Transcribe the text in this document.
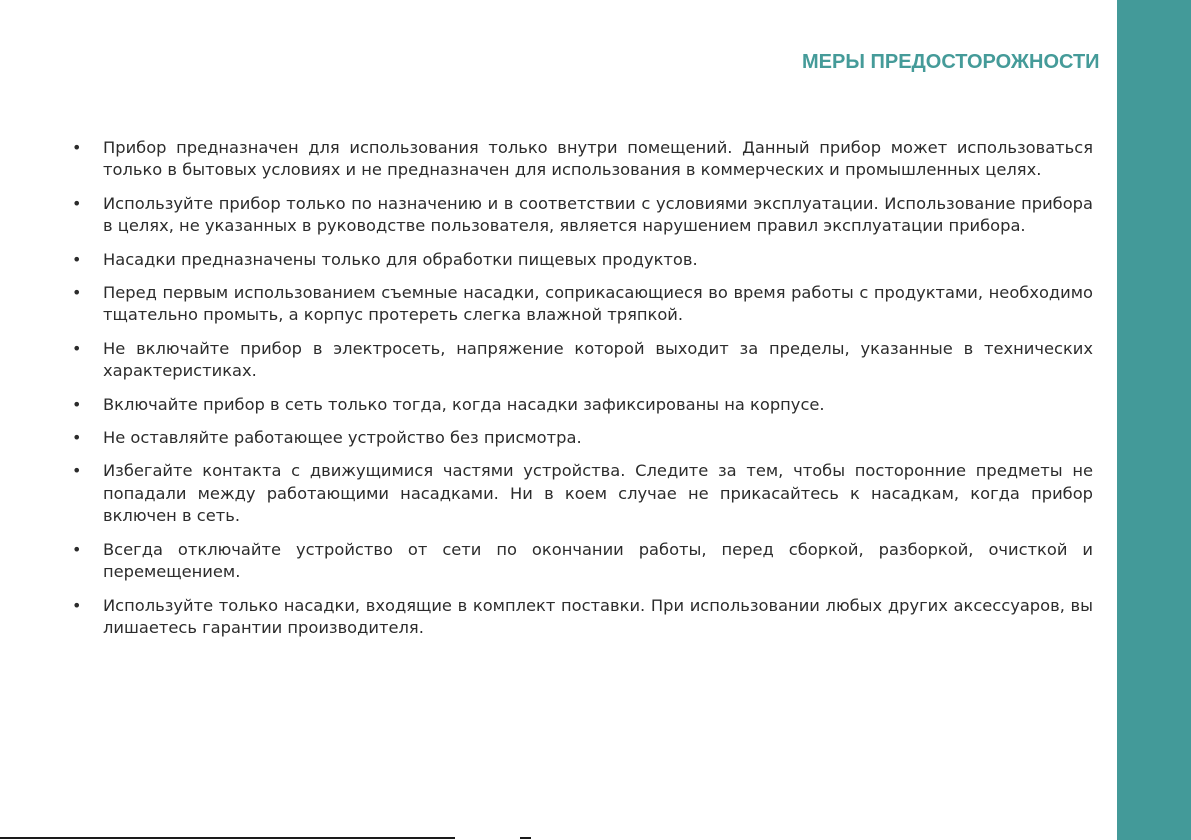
МЕРЫ ПРЕДОСТОРОЖНОСТИ
• Прибор предназначен для использования только внутри помещений. Данный прибор может использоваться только в бытовых условиях и не предназначен для использования в коммерческих и промышленных целях.
• Используйте прибор только по назначению и в соответствии с условиями эксплуатации. Использование прибора в целях, не указанных в руководстве пользователя, является нарушением правил эксплуатации прибора.
• Насадки предназначены только для обработки пищевых продуктов.
• Перед первым использованием съемные насадки, соприкасающиеся во время работы с продуктами, необходимо тщательно промыть, а корпус протереть слегка влажной тряпкой.
• Не включайте прибор в электросеть, напряжение которой выходит за пределы, указанные в технических характеристиках.
• Включайте прибор в сеть только тогда, когда насадки зафиксированы на корпусе.
• Не оставляйте работающее устройство без присмотра.
• Избегайте контакта с движущимися частями устройства. Следите за тем, чтобы посторонние предметы не попадали между работающими насадками. Ни в коем случае не прикасайтесь к насадкам, когда прибор включен в сеть.
• Всегда отключайте устройство от сети по окончании работы, перед сборкой, разборкой, очисткой и перемещением.
• Используйте только насадки, входящие в комплект поставки. При использовании любых других аксессуаров, вы лишаетесь гарантии производителя.
